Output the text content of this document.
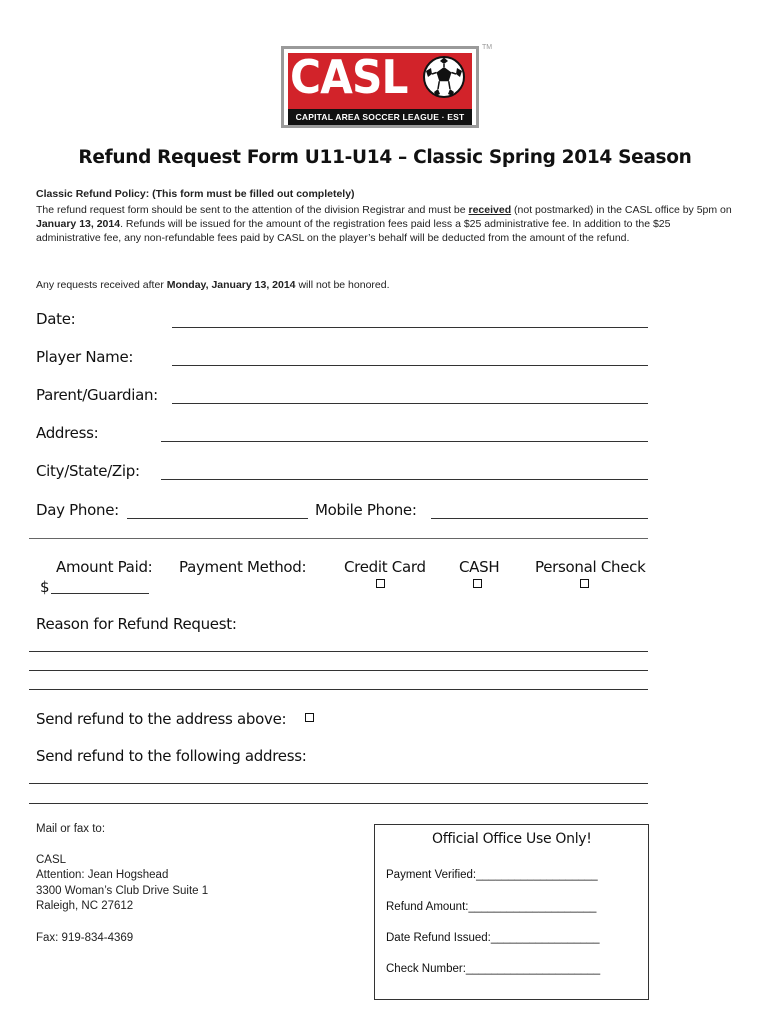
CASL
CAPITAL AREA SOCCER LEAGUE · EST 1974
TM
Refund Request Form U11-U14 – Classic Spring 2014 Season
Classic Refund Policy: (This form must be filled out completely)
The refund request form should be sent to the attention of the division Registrar and must be received (not postmarked) in the CASL office by 5pm on January 13, 2014. Refunds will be issued for the amount of the registration fees paid less a $25 administrative fee. In addition to the $25 administrative fee, any non-refundable fees paid by CASL on the player’s behalf will be deducted from the amount of the refund.
Any requests received after Monday, January 13, 2014 will not be honored.
Date:
Player Name:
Parent/Guardian:
Address:
City/State/Zip:
Day Phone:	Mobile Phone:
Amount Paid:
$
Payment Method:	Credit Card CASH Personal Check
Reason for Refund Request:
Send refund to the address above:
Send refund to the following address:
Mail or fax to:
CASL
Attention: Jean Hogshead
3300 Woman’s Club Drive Suite 1
Raleigh, NC 27612
Fax: 919-834-4369
Official Office Use Only!
Payment Verified:___________________
Refund Amount:____________________
Date Refund Issued:_________________
Check Number:_____________________
